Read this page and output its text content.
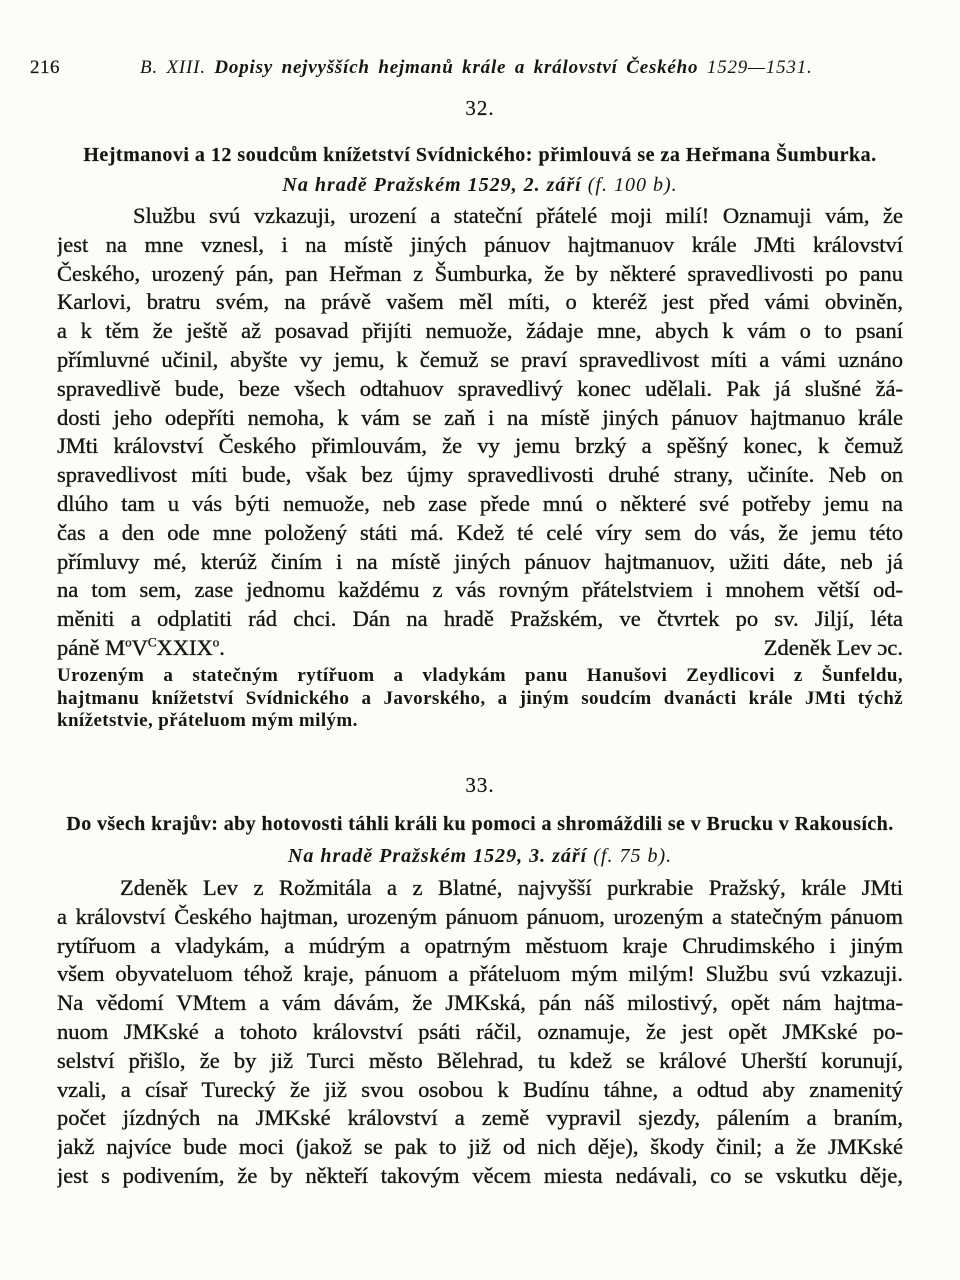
216	B. XIII. Dopisy nejvyšších hejmanů krále a království Českého 1529—1531.
32.
Hejtmanovi a 12 soudcům knížetství Svídnického: přimlouvá se za Heřmana Šumburka.
Na hradě Pražském 1529, 2. září (f. 100 b).
Službu svú vzkazuji, urození a stateční přátelé moji milí! Oznamuji vám, že
jest na mne vznesl, i na místě jiných pánuov hajtmanuov krále JMti království
Českého, urozený pán, pan Heřman z Šumburka, že by některé spravedlivosti po panu
Karlovi, bratru svém, na právě vašem měl míti, o kteréž jest před vámi obviněn,
a k těm že ještě až posavad přijíti nemuože, žádaje mne, abych k vám o to psaní
přímluvné učinil, abyšte vy jemu, k čemuž se praví spravedlivost míti a vámi uznáno
spravedlivě bude, beze všech odtahuov spravedlivý konec udělali. Pak já slušné žá-
dosti jeho odepříti nemoha, k vám se zaň i na místě jiných pánuov hajtmanuo krále
JMti království Českého přimlouvám, že vy jemu brzký a spěšný konec, k čemuž
spravedlivost míti bude, však bez újmy spravedlivosti druhé strany, učiníte. Neb on
dlúho tam u vás býti nemuože, neb zase přede mnú o některé své potřeby jemu na
čas a den ode mne položený státi má. Kdež té celé víry sem do vás, že jemu této
přímluvy mé, kterúž činím i na místě jiných pánuov hajtmanuov, užiti dáte, neb já
na tom sem, zase jednomu každému z vás rovným přátelstviem i mnohem větší od-
měniti a odplatiti rád chci. Dán na hradě Pražském, ve čtvrtek po sv. Jiljí, léta
páně $M^oV^CXXIX^o$.	Zdeněk Lev ɔc.
Urozeným a statečným rytířuom a vladykám panu Hanušovi Zeydlicovi z Šunfeldu,
hajtmanu knížetství Svídnického a Javorského, a jiným soudcím dvanácti krále JMti týchž
knížetstvie, přáteluom mým milým.
33.
Do všech krajův: aby hotovosti táhli králi ku pomoci a shromáždili se v Brucku v Rakousích.
Na hradě Pražském 1529, 3. září (f. 75 b).
Zdeněk Lev z Rožmitála a z Blatné, najvyšší purkrabie Pražský, krále JMti
a království Českého hajtman, urozeným pánuom pánuom, urozeným a statečným pánuom
rytířuom a vladykám, a múdrým a opatrným městuom kraje Chrudimského i jiným
všem obyvateluom téhož kraje, pánuom a přáteluom mým milým! Službu svú vzkazuji.
Na vědomí VMtem a vám dávám, že JMKská, pán náš milostivý, opět nám hajtma-
nuom JMKské a tohoto království psáti ráčil, oznamuje, že jest opět JMKské po-
selství přišlo, že by již Turci město Bělehrad, tu kdež se králové Uherští korunují,
vzali, a císař Turecký že již svou osobou k Budínu táhne, a odtud aby znamenitý
počet jízdných na JMKské království a země vypravil sjezdy, pálením a braním,
jakž najvíce bude moci (jakož se pak to již od nich děje), škody činil; a že JMKské
jest s podivením, že by někteří takovým věcem miesta nedávali, co se vskutku děje,
